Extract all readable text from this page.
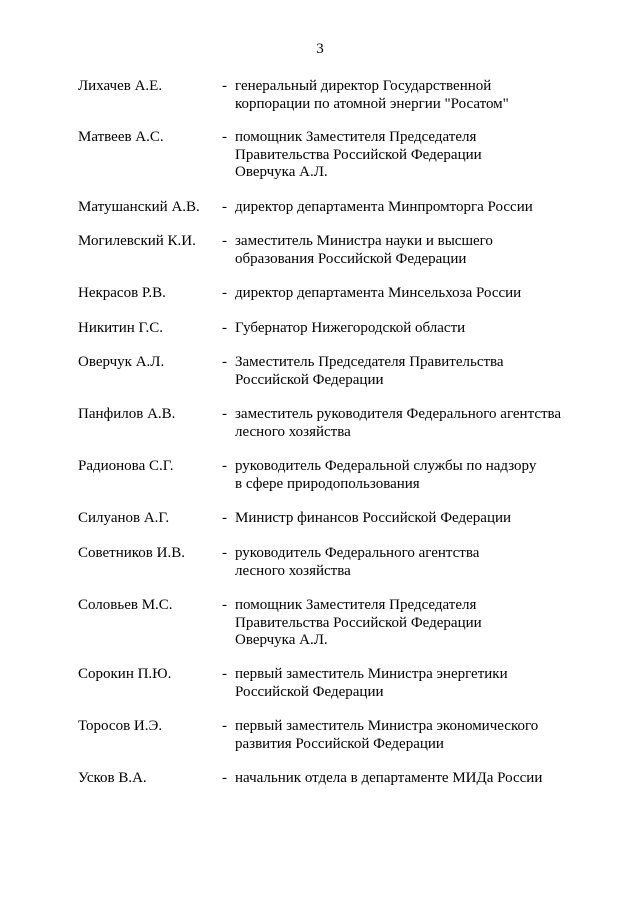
3
Лихачев А.Е.	- генеральный директор Государственной
корпорации по атомной энергии "Росатом"
Матвеев А.С.	- помощник Заместителя Председателя
Правительства Российской Федерации
Оверчука А.Л.
Матушанский А.В. - директор департамента Минпромторга России
Могилевский К.И. - заместитель Министра науки и высшего
образования Российской Федерации
Некрасов Р.В.	- директор департамента Минсельхоза России
Никитин Г.С.	- Губернатор Нижегородской области
Оверчук А.Л.	- Заместитель Председателя Правительства
Российской Федерации
Панфилов А.В.	- заместитель руководителя Федерального агентства
лесного хозяйства
Радионова С.Г.	- руководитель Федеральной службы по надзору
в сфере природопользования
Силуанов А.Г.	- Министр финансов Российской Федерации
Советников И.В. - руководитель Федерального агентства
лесного хозяйства
Соловьев М.С.	- помощник Заместителя Председателя
Правительства Российской Федерации
Оверчука А.Л.
Сорокин П.Ю.	- первый заместитель Министра энергетики
Российской Федерации
Торосов И.Э.	- первый заместитель Министра экономического
развития Российской Федерации
Усков В.А.	- начальник отдела в департаменте МИДа России
